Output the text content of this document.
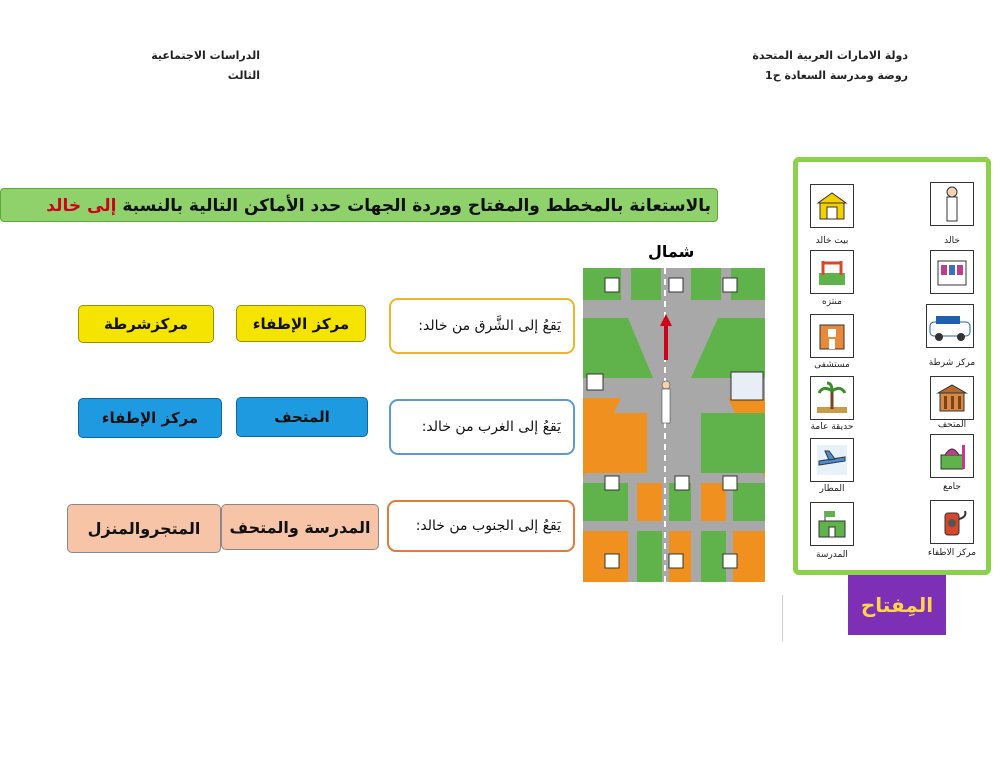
دولة الامارات العربية المتحدة
روضة ومدرسة السعادة ح1
الدراسات الاجتماعية
الثالث
بالاستعانة بالمخطط والمفتاح ووردة الجهات حدد الأماكن التالية بالنسبة إلى خالد
شمال
يَقعُ إلى الشَّرق من خالد:
مركز الإطفاء
مركزشرطة
يَقعُ إلى الغرب من خالد:
المتحف
مركز الإطفاء
يَقعُ إلى الجنوب من خالد:
المدرسة والمتحف
المتجروالمنزل
خالد
مركز شرطة
المتحف
جامع
مركز الاطفاء
بيت خالد
منتزه
مستشفى
حديقة عامة
المطار
المدرسة
المِفتاح
